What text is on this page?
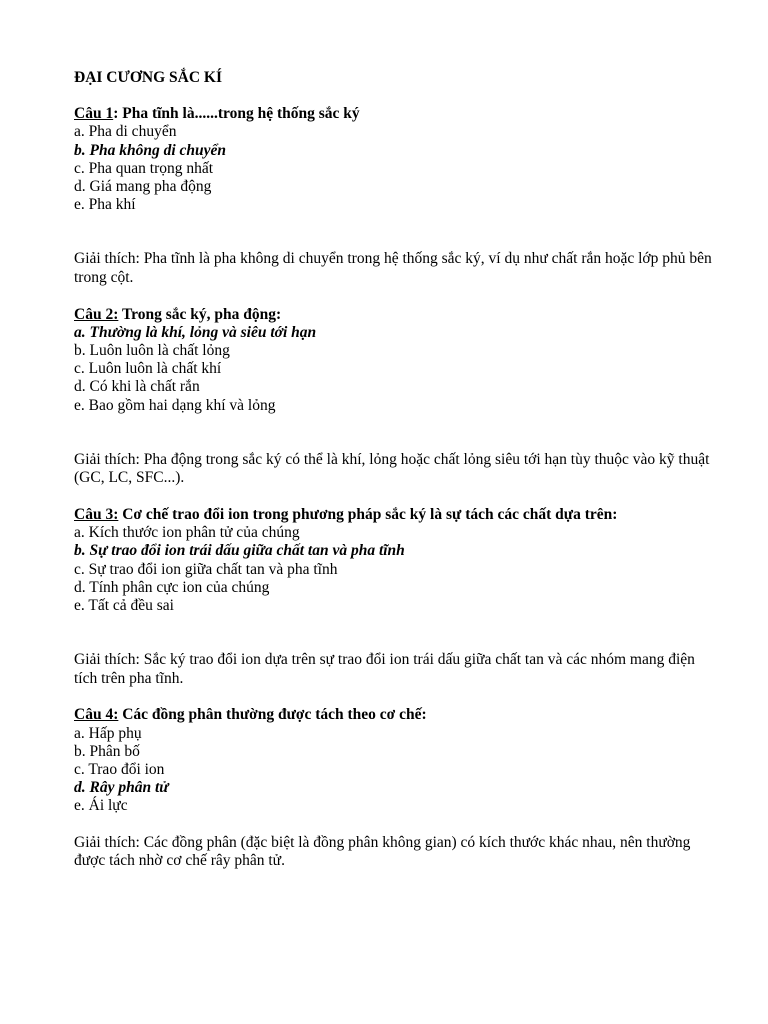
ĐẠI CƯƠNG SẮC KÍ
Câu 1: Pha tĩnh là......trong hệ thống sắc ký
a. Pha di chuyển
b. Pha không di chuyển
c. Pha quan trọng nhất
d. Giá mang pha động
e. Pha khí
Giải thích: Pha tĩnh là pha không di chuyển trong hệ thống sắc ký, ví dụ như chất rắn hoặc lớp phủ bên trong cột.
Câu 2: Trong sắc ký, pha động:
a. Thường là khí, lỏng và siêu tới hạn
b. Luôn luôn là chất lỏng
c. Luôn luôn là chất khí
d. Có khi là chất rắn
e. Bao gồm hai dạng khí và lỏng
Giải thích: Pha động trong sắc ký có thể là khí, lỏng hoặc chất lỏng siêu tới hạn tùy thuộc vào kỹ thuật (GC, LC, SFC...).
Câu 3: Cơ chế trao đổi ion trong phương pháp sắc ký là sự tách các chất dựa trên:
a. Kích thước ion phân tử của chúng
b. Sự trao đổi ion trái dấu giữa chất tan và pha tĩnh
c. Sự trao đổi ion giữa chất tan và pha tĩnh
d. Tính phân cực ion của chúng
e. Tất cả đều sai
Giải thích: Sắc ký trao đổi ion dựa trên sự trao đổi ion trái dấu giữa chất tan và các nhóm mang điện tích trên pha tĩnh.
Câu 4: Các đồng phân thường được tách theo cơ chế:
a. Hấp phụ
b. Phân bố
c. Trao đổi ion
d. Rây phân tử
e. Ái lực
Giải thích: Các đồng phân (đặc biệt là đồng phân không gian) có kích thước khác nhau, nên thường được tách nhờ cơ chế rây phân tử.
